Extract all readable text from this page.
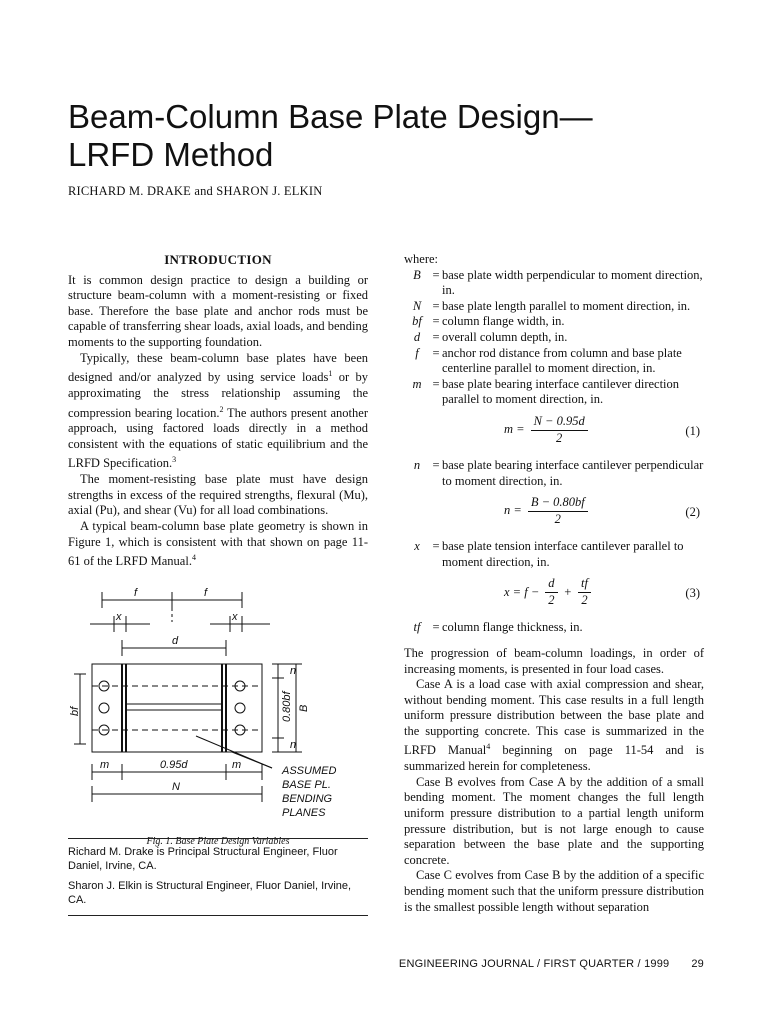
Beam-Column Base Plate Design—
LRFD Method

RICHARD M. DRAKE and SHARON J. ELKIN

INTRODUCTION

It is common design practice to design a building or structure beam-column with a moment-resisting or fixed base. Therefore the base plate and anchor rods must be capable of transferring shear loads, axial loads, and bending moments to the supporting foundation.

Typically, these beam-column base plates have been designed and/or analyzed by using service loads$^1$ or by approximating the stress relationship assuming the compression bearing location.$^2$ The authors present another approach, using factored loads directly in a method consistent with the equations of static equilibrium and the LRFD Specification.$^3$

The moment-resisting base plate must have design strengths in excess of the required strengths, flexural (Mu), axial (Pu), and shear (Vu) for all load combinations.

A typical beam-column base plate geometry is shown in Figure 1, which is consistent with that shown on page 11-61 of the LRFD Manual.$^4$

f	f
x	x
d
n
n
0.80bf B
bf
m	m
0.95d
N
ASSUMED
BASE PL.
BENDING
PLANES
Fig. 1. Base Plate Design Variables

Richard M. Drake is Principal Structural Engineer, Fluor Daniel, Irvine, CA.

Sharon J. Elkin is Structural Engineer, Fluor Daniel, Irvine, CA.

where:

B = base plate width perpendicular to moment direction, in.
N = base plate length parallel to moment direction, in.
bf = column flange width, in.
d = overall column depth, in.
f	= anchor rod distance from column and base plate centerline parallel to moment direction, in.
m = base plate bearing interface cantilever direction parallel to moment direction, in.
$m = \frac{N - 0.95d}{2}$	(1)
n = base plate bearing interface cantilever perpendicular to moment direction, in.
$n = \frac{B - 0.80bf}{2}$	(2)
x	= base plate tension interface cantilever parallel to moment direction, in.
$x = f - \frac{d}{2} + \frac{tf}{2}$	(3)
tf = column flange thickness, in.

The progression of beam-column loadings, in order of increasing moments, is presented in four load cases.

Case A is a load case with axial compression and shear, without bending moment. This case results in a full length uniform pressure distribution between the base plate and the supporting concrete. This case is summarized in the LRFD Manual$^4$ beginning on page 11-54 and is summarized herein for completeness.

Case B evolves from Case A by the addition of a small bending moment. The moment changes the full length uniform pressure distribution to a partial length uniform pressure distribution, but is not large enough to cause separation between the base plate and the supporting concrete.

Case C evolves from Case B by the addition of a specific bending moment such that the uniform pressure distribution is the smallest possible length without separation

ENGINEERING JOURNAL / FIRST QUARTER / 1999 29
